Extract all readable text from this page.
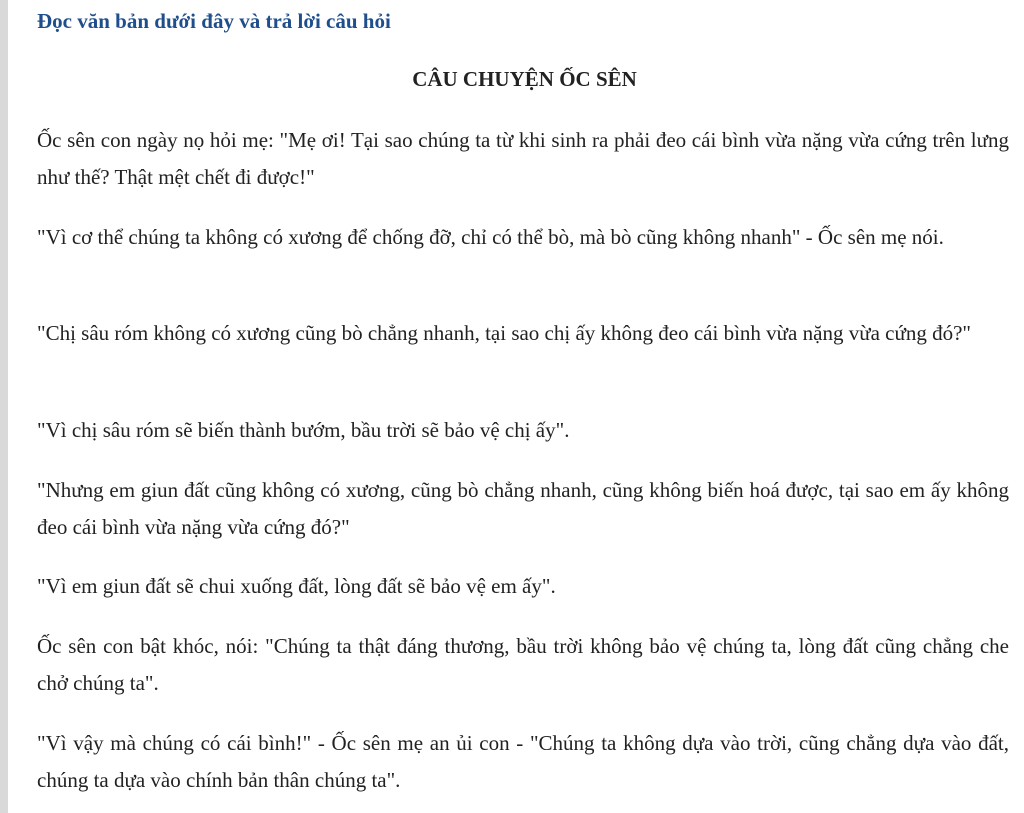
Đọc văn bản dưới đây và trả lời câu hỏi
CÂU CHUYỆN ỐC SÊN

Ốc sên con ngày nọ hỏi mẹ: "Mẹ ơi! Tại sao chúng ta từ khi sinh ra phải đeo cái bình vừa nặng vừa cứng trên lưng như thế? Thật mệt chết đi được!"

"Vì cơ thể chúng ta không có xương để chống đỡ, chỉ có thể bò, mà bò cũng không nhanh" - Ốc sên mẹ nói.

"Chị sâu róm không có xương cũng bò chẳng nhanh, tại sao chị ấy không đeo cái bình vừa nặng vừa cứng đó?"

"Vì chị sâu róm sẽ biến thành bướm, bầu trời sẽ bảo vệ chị ấy".

"Nhưng em giun đất cũng không có xương, cũng bò chẳng nhanh, cũng không biến hoá được, tại sao em ấy không đeo cái bình vừa nặng vừa cứng đó?"

"Vì em giun đất sẽ chui xuống đất, lòng đất sẽ bảo vệ em ấy".

Ốc sên con bật khóc, nói: "Chúng ta thật đáng thương, bầu trời không bảo vệ chúng ta, lòng đất cũng chẳng che chở chúng ta".

"Vì vậy mà chúng có cái bình!" - Ốc sên mẹ an ủi con - "Chúng ta không dựa vào trời, cũng chẳng dựa vào đất, chúng ta dựa vào chính bản thân chúng ta".
